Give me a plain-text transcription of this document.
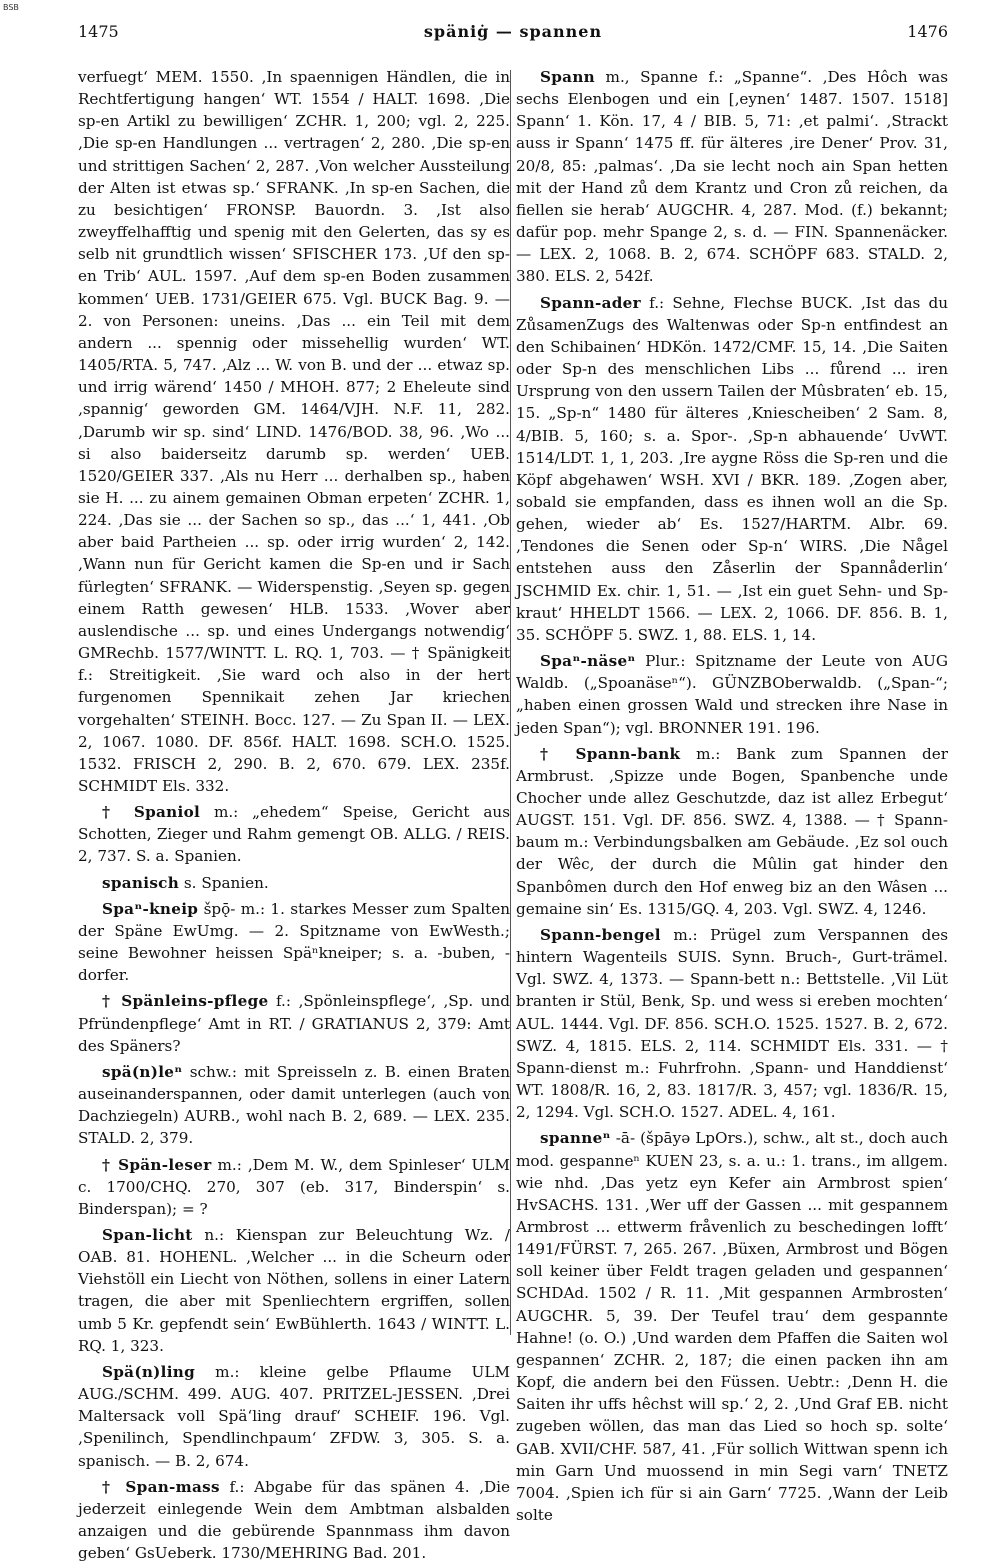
BSB
1475	späniġ — spannen	1476

verfuegt‘ MEM. 1550. ‚In spaennigen Händlen, die in Rechtfertigung hangen‘ WT. 1554 / HALT. 1698. ‚Die sp-en Artikl zu bewilligen‘ ZCHR. 1, 200; vgl. 2, 225. ‚Die sp-en Handlungen ... vertragen‘ 2, 280. ‚Die sp-en und strittigen Sachen‘ 2, 287. ‚Von welcher Aussteilung der Alten ist etwas sp.‘ SFRANK. ‚In sp-en Sachen, die zu besichtigen‘ FRONSP. Bauordn. 3. ‚Ist also zweyffelhafftig und spenig mit den Gelerten, das sy es selb nit grundtlich wissen‘ SFISCHER 173. ‚Uf den sp-en Trib‘ AUL. 1597. ‚Auf dem sp-en Boden zusammen kommen‘ UEB. 1731/GEIER 675. Vgl. BUCK Bag. 9. — 2. von Personen: uneins. ‚Das ... ein Teil mit dem andern ... spennig oder missehellig wurden‘ WT. 1405/RTA. 5, 747. ‚Alz ... W. von B. und der ... etwaz sp. und irrig wärend‘ 1450 / MHOH. 877; 2 Eheleute sind ‚spannig‘ geworden GM. 1464/VJH. N.F. 11, 282. ‚Darumb wir sp. sind‘ LIND. 1476/BOD. 38, 96. ‚Wo ... si also baiderseitz darumb sp. werden‘ UEB. 1520/GEIER 337. ‚Als nu Herr ... derhalben sp., haben sie H. ... zu ainem gemainen Obman erpeten‘ ZCHR. 1, 224. ‚Das sie ... der Sachen so sp., das ...‘ 1, 441. ‚Ob aber baid Partheien ... sp. oder irrig wurden‘ 2, 142. ‚Wann nun für Gericht kamen die Sp-en und ir Sach fürlegten‘ SFRANK. — Widerspenstig. ‚Seyen sp. gegen einem Ratth gewesen‘ HLB. 1533. ‚Wover aber auslendische ... sp. und eines Undergangs notwendig‘ GMRechb. 1577/WINTT. L. RQ. 1, 703. — † Spänigkeit f.: Streitigkeit. ‚Sie ward och also in der hert furgenomen Spennikait zehen Jar kriechen vorgehalten‘ STEINH. Bocc. 127. — Zu Span II. — LEX. 2, 1067. 1080. DF. 856f. HALT. 1698. SCH.O. 1525. 1532. FRISCH 2, 290. B. 2, 670. 679. LEX. 235f. SCHMIDT Els. 332.

† Spaniol m.: „ehedem“ Speise, Gericht aus Schotten, Zieger und Rahm gemengt OB. ALLG. / REIS. 2, 737. S. a. Spanien.

spanisch s. Spanien.

Spaⁿ-kneip špǭ- m.: 1. starkes Messer zum Spalten der Späne EwUmg. — 2. Spitzname von EwWesth.; seine Bewohner heissen Späⁿkneiper; s. a. -buben, -dorfer.

† Spänleins-pflege f.: ‚Spönleinspflege‘, ‚Sp. und Pfründenpflege‘ Amt in RT. / GRATIANUS 2, 379: Amt des Späners?

spä(n)leⁿ schw.: mit Spreisseln z. B. einen Braten auseinanderspannen, oder damit unterlegen (auch von Dachziegeln) AURB., wohl nach B. 2, 689. — LEX. 235. STALD. 2, 379.

† Spän-leser m.: ‚Dem M. W., dem Spinleser‘ ULM c. 1700/CHQ. 270, 307 (eb. 317, Binderspin‘ s. Binderspan); = ?

Span-licht n.: Kienspan zur Beleuchtung Wz. / OAB. 81. HOHENL. ‚Welcher ... in die Scheurn oder Viehstöll ein Liecht von Nöthen, sollens in einer Latern tragen, die aber mit Spenliechtern ergriffen, sollen umb 5 Kr. gepfendt sein‘ EwBühlerth. 1643 / WINTT. L. RQ. 1, 323.

Spä(n)ling m.: kleine gelbe Pflaume ULM AUG./SCHM. 499. AUG. 407. PRITZEL-JESSEN. ‚Drei Maltersack voll Spä‘ling drauf‘ SCHEIF. 196. Vgl. ‚Spenilinch, Spendlinchpaum‘ ZFDW. 3, 305. S. a. spanisch. — B. 2, 674.

† Span-mass f.: Abgabe für das spänen 4. ‚Die jederzeit einlegende Wein dem Ambtman alsbalden anzaigen und die gebürende Spannmass ihm davon geben‘ GsUeberk. 1730/MEHRING Bad. 201.

Spann m., Spanne f.: „Spanne“. ‚Des Hôch was sechs Elenbogen und ein [‚eynen‘ 1487. 1507. 1518] Spann‘ 1. Kön. 17, 4 / BIB. 5, 71: ‚et palmi‘. ‚Strackt auss ir Spann‘ 1475 ff. für älteres ‚ire Dener‘ Prov. 31, 20/8, 85: ‚palmas‘. ‚Da sie lecht noch ain Span hetten mit der Hand zů dem Krantz und Cron zů reichen, da fiellen sie herab‘ AUGCHR. 4, 287. Mod. (f.) bekannt; dafür pop. mehr Spange 2, s. d. — FIN. Spannenäcker. — LEX. 2, 1068. B. 2, 674. SCHÖPF 683. STALD. 2, 380. ELS. 2, 542f.

Spann-ader f.: Sehne, Flechse BUCK. ‚Ist das du ZůsamenZugs des Waltenwas oder Sp-n entfindest an den Schibainen‘ HDKön. 1472/CMF. 15, 14. ‚Die Saiten oder Sp-n des menschlichen Libs ... fůrend ... iren Ursprung von den ussern Tailen der Mûsbraten‘ eb. 15, 15. „Sp-n“ 1480 für älteres ‚Kniescheiben‘ 2 Sam. 8, 4/BIB. 5, 160; s. a. Spor-. ‚Sp-n abhauende‘ UvWT. 1514/LDT. 1, 1, 203. ‚Ire aygne Röss die Sp-ren und die Köpf abgehawen‘ WSH. XVI / BKR. 189. ‚Zogen aber, sobald sie empfanden, dass es ihnen woll an die Sp. gehen, wieder ab‘ Es. 1527/HARTM. Albr. 69. ‚Tendones die Senen oder Sp-n‘ WIRS. ‚Die Någel entstehen auss den Zåserlin der Spannåderlin‘ JSCHMID Ex. chir. 1, 51. — ‚Ist ein guet Sehn- und Sp-kraut‘ HHELDT 1566. — LEX. 2, 1066. DF. 856. B. 1, 35. SCHÖPF 5. SWZ. 1, 88. ELS. 1, 14.

Spaⁿ-näseⁿ Plur.: Spitzname der Leute von AUG Waldb. („Spoanäseⁿ“). GÜNZBOberwaldb. („Span-“; „haben einen grossen Wald und strecken ihre Nase in jeden Span“); vgl. BRONNER 191. 196.

† Spann-bank m.: Bank zum Spannen der Armbrust. ‚Spizze unde Bogen, Spanbenche unde Chocher unde allez Geschutzde, daz ist allez Erbegut‘ AUGST. 151. Vgl. DF. 856. SWZ. 4, 1388. — † Spann-baum m.: Verbindungsbalken am Gebäude. ‚Ez sol ouch der Wêc, der durch die Mûlin gat hinder den Spanbômen durch den Hof enweg biz an den Wâsen ... gemaine sin‘ Es. 1315/GQ. 4, 203. Vgl. SWZ. 4, 1246.

Spann-bengel m.: Prügel zum Verspannen des hintern Wagenteils SUIS. Synn. Bruch-, Gurt-trämel. Vgl. SWZ. 4, 1373. — Spann-bett n.: Bettstelle. ‚Vil Lüt branten ir Stül, Benk, Sp. und wess si ereben mochten‘ AUL. 1444. Vgl. DF. 856. SCH.O. 1525. 1527. B. 2, 672. SWZ. 4, 1815. ELS. 2, 114. SCHMIDT Els. 331. — † Spann-dienst m.: Fuhrfrohn. ‚Spann- und Handdienst‘ WT. 1808/R. 16, 2, 83. 1817/R. 3, 457; vgl. 1836/R. 15, 2, 1294. Vgl. SCH.O. 1527. ADEL. 4, 161.

spanneⁿ -ā- (špāyə LpOrs.), schw., alt st., doch auch mod. gespanneⁿ KUEN 23, s. a. u.: 1. trans., im allgem. wie nhd. ‚Das yetz eyn Kefer ain Armbrost spien‘ HvSACHS. 131. ‚Wer uff der Gassen ... mit gespannem Armbrost ... ettwerm fråvenlich zu beschedingen lofft‘ 1491/FÜRST. 7, 265. 267. ‚Büxen, Armbrost und Bögen soll keiner über Feldt tragen geladen und gespannen‘ SCHDAd. 1502 / R. 11. ‚Mit gespannen Armbrosten‘ AUGCHR. 5, 39. Der Teufel trau‘ dem gespannte Hahne! (o. O.) ‚Und warden dem Pfaffen die Saiten wol gespannen‘ ZCHR. 2, 187; die einen packen ihn am Kopf, die andern bei den Füssen. Uebtr.: ‚Denn H. die Saiten ihr uffs hêchst will sp.‘ 2, 2. ‚Und Graf EB. nicht zugeben wöllen, das man das Lied so hoch sp. solte‘ GAB. XVII/CHF. 587, 41. ‚Für sollich Wittwan spenn ich min Garn Und muossend in min Segi varn‘ TNETZ 7004. ‚Spien ich für si ain Garn‘ 7725. ‚Wann der Leib solte
